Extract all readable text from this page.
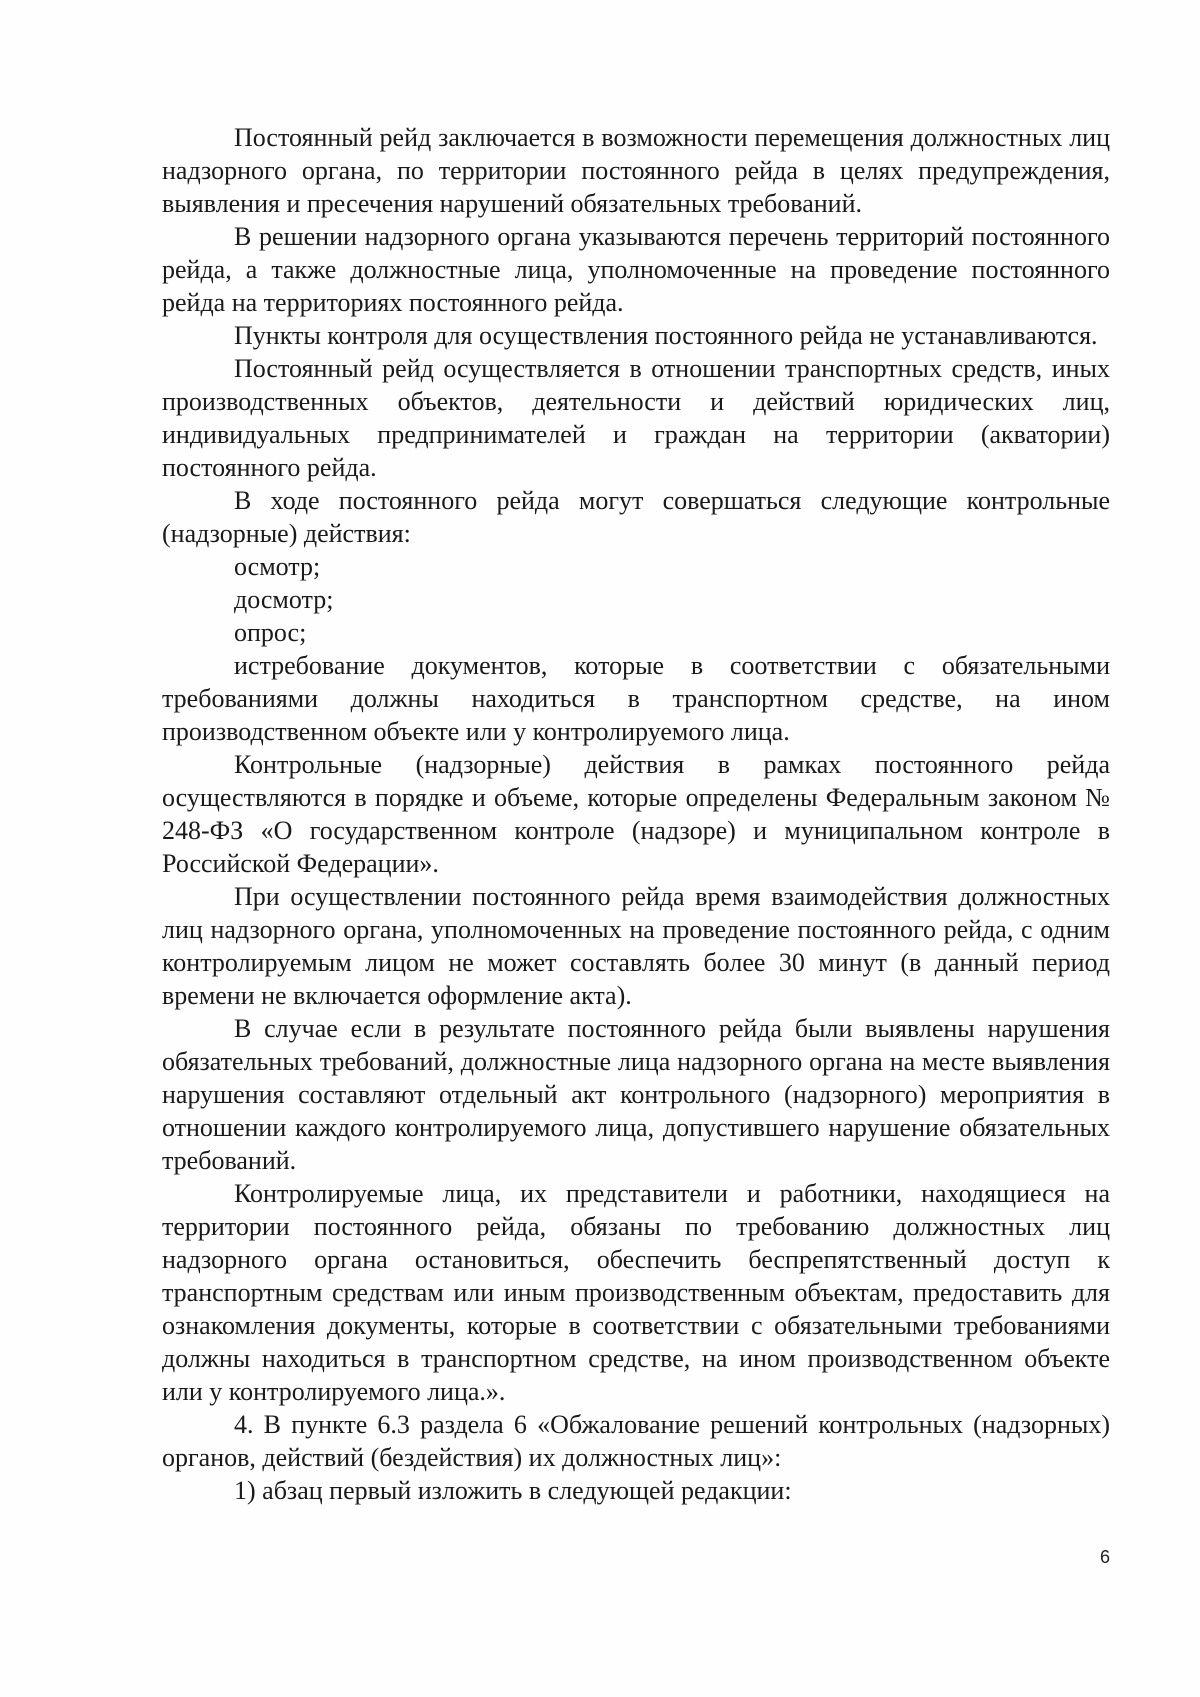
Постоянный рейд заключается в возможности перемещения должностных лиц надзорного органа, по территории постоянного рейда в целях предупреждения, выявления и пресечения нарушений обязательных требований.

В решении надзорного органа указываются перечень территорий постоянного рейда, а также должностные лица, уполномоченные на проведение постоянного рейда на территориях постоянного рейда.

Пункты контроля для осуществления постоянного рейда не устанавливаются.

Постоянный рейд осуществляется в отношении транспортных средств, иных производственных объектов, деятельности и действий юридических лиц, индивидуальных предпринимателей и граждан на территории (акватории) постоянного рейда.

В ходе постоянного рейда могут совершаться следующие контрольные (надзорные) действия:

осмотр;

досмотр;

опрос;

истребование документов, которые в соответствии с обязательными требованиями должны находиться в транспортном средстве, на ином производственном объекте или у контролируемого лица.

Контрольные (надзорные) действия в рамках постоянного рейда осуществляются в порядке и объеме, которые определены Федеральным законом № 248-ФЗ «О государственном контроле (надзоре) и муниципальном контроле в Российской Федерации».

При осуществлении постоянного рейда время взаимодействия должностных лиц надзорного органа, уполномоченных на проведение постоянного рейда, с одним контролируемым лицом не может составлять более 30 минут (в данный период времени не включается оформление акта).

В случае если в результате постоянного рейда были выявлены нарушения обязательных требований, должностные лица надзорного органа на месте выявления нарушения составляют отдельный акт контрольного (надзорного) мероприятия в отношении каждого контролируемого лица, допустившего нарушение обязательных требований.

Контролируемые лица, их представители и работники, находящиеся на территории постоянного рейда, обязаны по требованию должностных лиц надзорного органа остановиться, обеспечить беспрепятственный доступ к транспортным средствам или иным производственным объектам, предоставить для ознакомления документы, которые в соответствии с обязательными требованиями должны находиться в транспортном средстве, на ином производственном объекте или у контролируемого лица.».

4. В пункте 6.3 раздела 6 «Обжалование решений контрольных (надзорных) органов, действий (бездействия) их должностных лиц»:

1) абзац первый изложить в следующей редакции:

6
